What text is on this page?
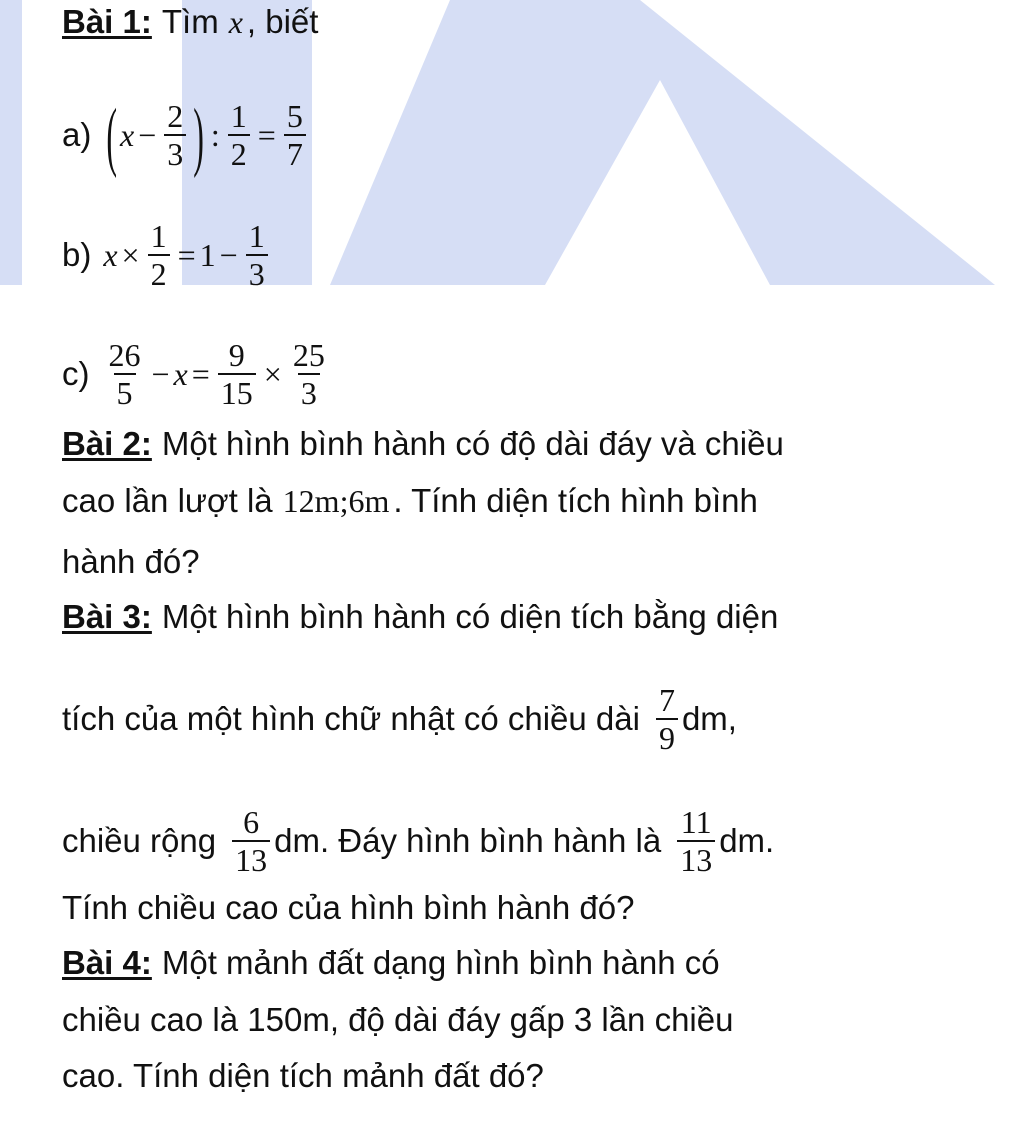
Bài 1: Tìm x , biết
a) ( $x - \frac{2}{3}$ ) : $\frac{1}{2} = \frac{5}{7}$
b) $x \times \frac{1}{2} = 1 - \frac{1}{3}$
$c) \frac{26}{5} - x = \frac{9}{15} \times \frac{25}{3}$
Bài 2: Một hình bình hành có độ dài đáy và chiều
cao lần lượt là 12m;6m . Tính diện tích hình bình
hành đó?
Bài 3: Một hình bình hành có diện tích bằng diện
tích của một hình chữ nhật có chiều dài $\frac{7}{9}$ dm,
chiều rộng $\frac{6}{13}$ dm. Đáy hình bình hành là $\frac{11}{13}$ dm.
Tính chiều cao của hình bình hành đó?
Bài 4: Một mảnh đất dạng hình bình hành có
chiều cao là 150m, độ dài đáy gấp 3 lần chiều
cao. Tính diện tích mảnh đất đó?
